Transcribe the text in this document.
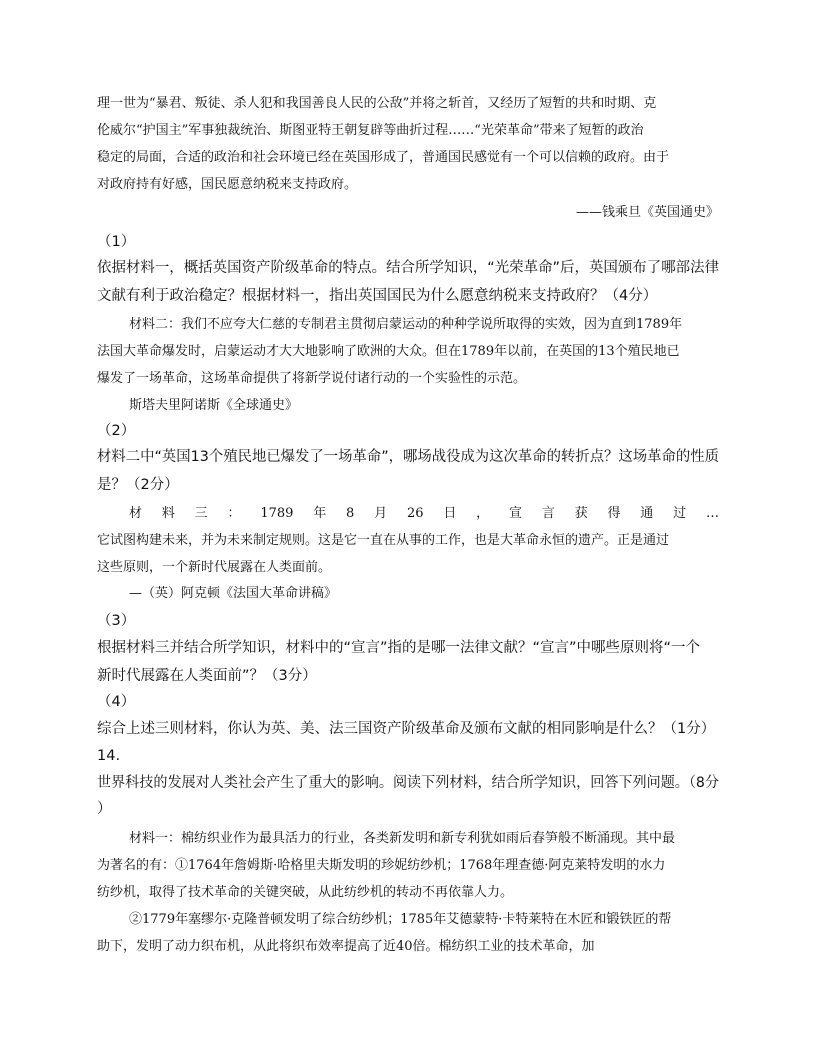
理一世为“暴君、叛徒、杀人犯和我国善良人民的公敌”并将之斩首，又经历了短暂的共和时期、克
伦威尔“护国主”军事独裁统治、斯图亚特王朝复辟等曲折过程……“光荣革命”带来了短暂的政治
稳定的局面，合适的政治和社会环境已经在英国形成了，普通国民感觉有一个可以信赖的政府。由于
对政府持有好感，国民愿意纳税来支持政府。
——钱乘旦《英国通史》
（1）
依据材料一，概括英国资产阶级革命的特点。结合所学知识，“光荣革命”后，英国颁布了哪部法律
文献有利于政治稳定？根据材料一，指出英国国民为什么愿意纳税来支持政府？（4分）
材料二：我们不应夸大仁慈的专制君主贯彻启蒙运动的种种学说所取得的实效，因为直到1789年
法国大革命爆发时，启蒙运动才大大地影响了欧洲的大众。但在1789年以前，在英国的13个殖民地已
爆发了一场革命，这场革命提供了将新学说付诸行动的一个实验性的示范。
斯塔夫里阿诺斯《全球通史》
（2）
材料二中“英国13个殖民地已爆发了一场革命”，哪场战役成为这次革命的转折点？这场革命的性质
是？（2分）
材 料 三 ： 1789 年 8 月 26 日 ， 宣 言 获 得 通 过 …
它试图构建未来，并为未来制定规则。这是它一直在从事的工作，也是大革命永恒的遗产。正是通过
这些原则，一个新时代展露在人类面前。
—（英）阿克顿《法国大革命讲稿》
（3）
根据材料三并结合所学知识，材料中的“宣言”指的是哪一法律文献？“宣言”中哪些原则将“一个
新时代展露在人类面前”？（3分）
（4）
综合上述三则材料，你认为英、美、法三国资产阶级革命及颁布文献的相同影响是什么？（1分）
14.
世界科技的发展对人类社会产生了重大的影响。阅读下列材料，结合所学知识，回答下列问题。（8分
）
材料一：棉纺织业作为最具活力的行业，各类新发明和新专利犹如雨后春笋般不断涌现。其中最
为著名的有：①1764年詹姆斯·哈格里夫斯发明的珍妮纺纱机；1768年理查德·阿克莱特发明的水力
纺纱机，取得了技术革命的关键突破，从此纺纱机的转动不再依靠人力。
②1779年塞缪尔·克隆普顿发明了综合纺纱机；1785年艾德蒙特·卡特莱特在木匠和锻铁匠的帮
助下，发明了动力织布机，从此将织布效率提高了近40倍。棉纺织工业的技术革命，加
